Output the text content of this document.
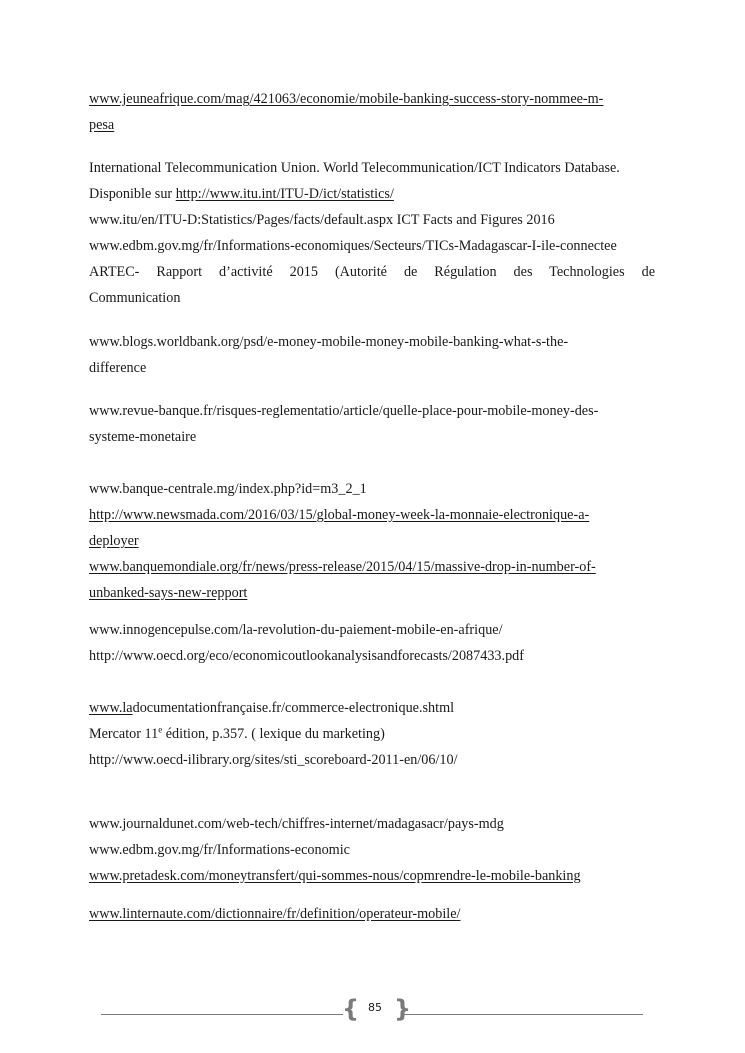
www.jeuneafrique.com/mag/421063/economie/mobile-banking-success-story-nommee-m-
pesa
International Telecommunication Union. World Telecommunication/ICT Indicators Database.
Disponible sur http://www.itu.int/ITU-D/ict/statistics/
www.itu/en/ITU-D:Statistics/Pages/facts/default.aspx ICT Facts and Figures 2016
www.edbm.gov.mg/fr/Informations-economiques/Secteurs/TICs-Madagascar-I-ile-connectee
ARTEC- Rapport d’activité 2015 (Autorité de Régulation des Technologies de
Communication
www.blogs.worldbank.org/psd/e-money-mobile-money-mobile-banking-what-s-the-
difference
www.revue-banque.fr/risques-reglementatio/article/quelle-place-pour-mobile-money-des-
systeme-monetaire
www.banque-centrale.mg/index.php?id=m3_2_1
http://www.newsmada.com/2016/03/15/global-money-week-la-monnaie-electronique-a-
deployer
www.banquemondiale.org/fr/news/press-release/2015/04/15/massive-drop-in-number-of-
unbanked-says-new-repport
www.innogencepulse.com/la-revolution-du-paiement-mobile-en-afrique/
http://www.oecd.org/eco/economicoutlookanalysisandforecasts/2087433.pdf
www.ladocumentationfrançaise.fr/commerce-electronique.shtml
Mercator 11e édition, p.357. ( lexique du marketing)
http://www.oecd-ilibrary.org/sites/sti_scoreboard-2011-en/06/10/
www.journaldunet.com/web-tech/chiffres-internet/madagasacr/pays-mdg
www.edbm.gov.mg/fr/Informations-economic
www.pretadesk.com/moneytransfert/qui-sommes-nous/copmrendre-le-mobile-banking
www.linternaute.com/dictionnaire/fr/definition/operateur-mobile/
{ 85 }
